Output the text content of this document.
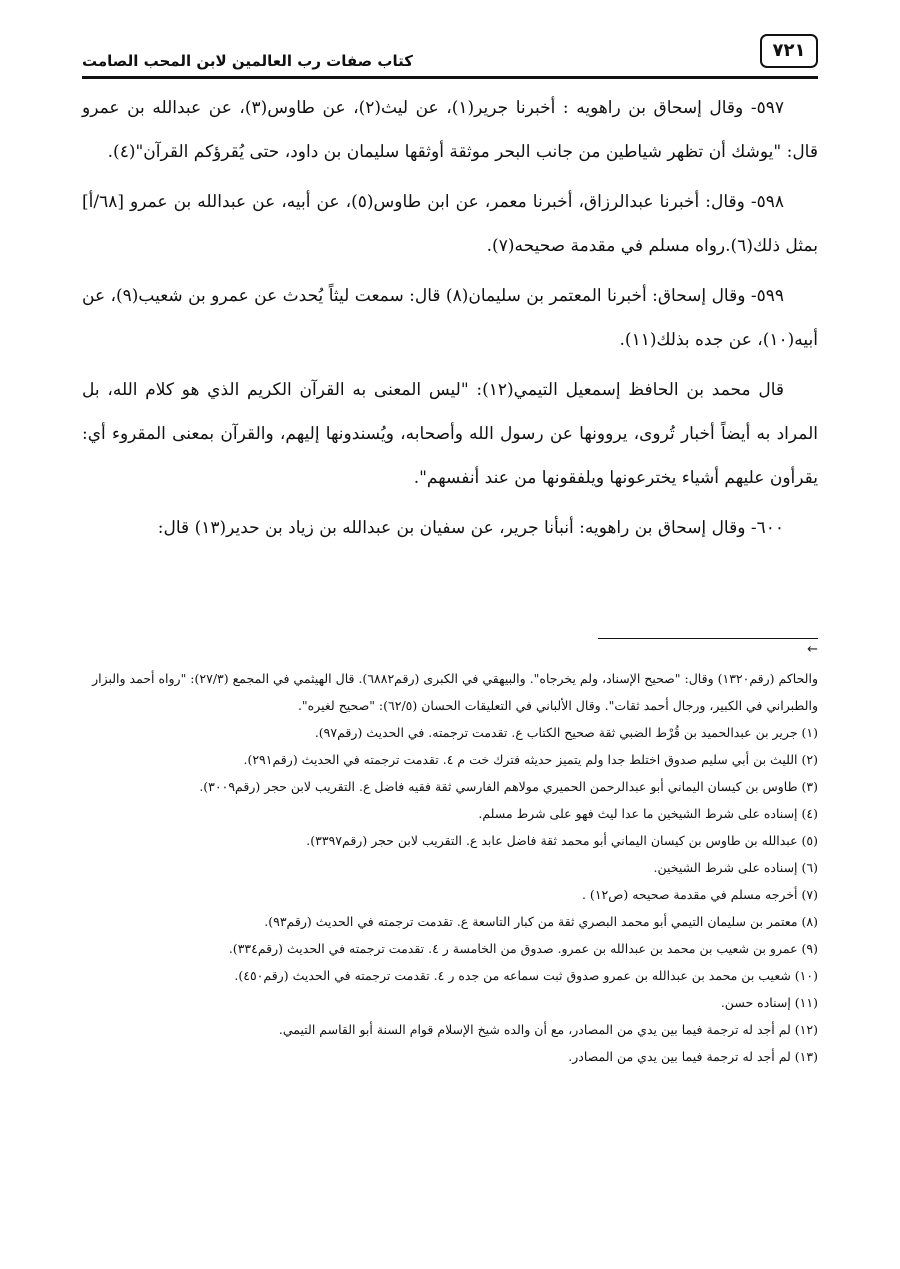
كتاب صفات رب العالمين لابن المحب الصامت	٧٢١

٥٩٧- وقال إسحاق بن راهويه : أخبرنا جرير(١)، عن ليث(٢)، عن طاوس(٣)، عن عبدالله بن عمرو قال: "يوشك أن تظهر شياطين من جانب البحر موثقة أوثقها سليمان بن داود، حتى يُقرؤكم القرآن"(٤).

٥٩٨- وقال: أخبرنا عبدالرزاق، أخبرنا معمر، عن ابن طاوس(٥)، عن أبيه، عن عبدالله بن عمرو [٦٨/أ] بمثل ذلك(٦).رواه مسلم في مقدمة صحيحه(٧).

٥٩٩- وقال إسحاق: أخبرنا المعتمر بن سليمان(٨) قال: سمعت ليثاً يُحدث عن عمرو بن شعيب(٩)، عن أبيه(١٠)، عن جده بذلك(١١).

قال محمد بن الحافظ إسمعيل التيمي(١٢): "ليس المعنى به القرآن الكريم الذي هو كلام الله، بل المراد به أيضاً أخبار تُروى، يروونها عن رسول الله وأصحابه، ويُسندونها إليهم، والقرآن بمعنى المقروء أي: يقرأون عليهم أشياء يخترعونها ويلفقونها من عند أنفسهم".

٦٠٠- وقال إسحاق بن راهويه: أنبأنا جرير، عن سفيان بن عبدالله بن زياد بن حدير(١٣) قال:

←

والحاكم (رقم١٣٢٠) وقال: "صحيح الإسناد، ولم يخرجاه". والبيهقي في الكبرى (رقم٦٨٨٢). قال الهيثمي في المجمع (٢٧/٣): "رواه أحمد والبزار والطبراني في الكبير، ورجال أحمد ثقات". وقال الألباني في التعليقات الحسان (٦٢/٥): "صحيح لغيره".

(١) جرير بن عبدالحميد بن قُرْط الضبي ثقة صحيح الكتاب ع. تقدمت ترجمته. في الحديث (رقم٩٧).

(٢) الليث بن أبي سليم صدوق اختلط جدا ولم يتميز حديثه فترك خت م ٤. تقدمت ترجمته في الحديث (رقم٢٩١).

(٣) طاوس بن كيسان اليماني أبو عبدالرحمن الحميري مولاهم الفارسي ثقة فقيه فاضل ع. التقريب لابن حجر (رقم٣٠٠٩).

(٤) إسناده على شرط الشيخين ما عدا ليث فهو على شرط مسلم.

(٥) عبدالله بن طاوس بن كيسان اليماني أبو محمد ثقة فاضل عابد ع. التقريب لابن حجر (رقم٣٣٩٧).

(٦) إسناده على شرط الشيخين.

(٧) أخرجه مسلم في مقدمة صحيحه (ص١٢) .

(٨) معتمر بن سليمان التيمي أبو محمد البصري ثقة من كبار التاسعة ع. تقدمت ترجمته في الحديث (رقم٩٣).

(٩) عمرو بن شعيب بن محمد بن عبدالله بن عمرو. صدوق من الخامسة ر ٤. تقدمت ترجمته في الحديث (رقم٣٣٤).

(١٠) شعيب بن محمد بن عبدالله بن عمرو صدوق ثبت سماعه من جده ر ٤. تقدمت ترجمته في الحديث (رقم٤٥٠).

(١١) إسناده حسن.

(١٢) لم أجد له ترجمة فيما بين يدي من المصادر، مع أن والده شيخ الإسلام قوام السنة أبو القاسم التيمي.

(١٣) لم أجد له ترجمة فيما بين يدي من المصادر.
